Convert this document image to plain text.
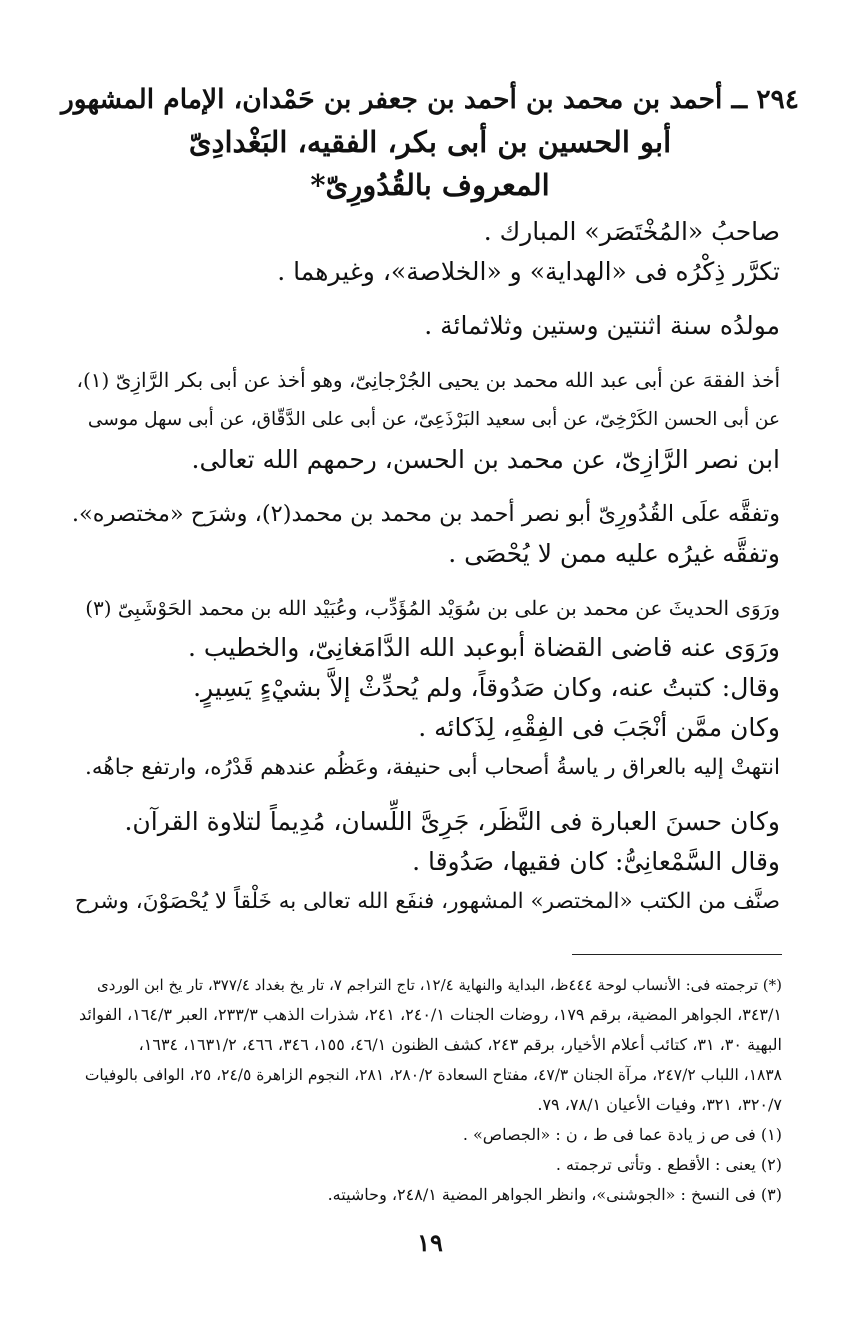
٢٩٤ ــ أحمد بن محمد بن أحمد بن جعفر بن حَمْدان، الإمام المشهور
أبو الحسين بن أبى بكر، الفقيه، البَغْدادِىّ
المعروف بالقُدُورِىّ*
صاحبُ «المُخْتَصَر» المبارك .
تكرَّر ذِكْرُه فى «الهداية» و «الخلاصة»، وغيرهما .
مولدُه سنة اثنتين وستين وثلاثمائة .
أخذ الفقهَ عن أبى عبد الله محمد بن يحيى الجُرْجانِىّ، وهو أخذ عن أبى بكر الرَّازِىّ (١)،
عن أبى الحسن الكَرْخِىّ، عن أبى سعيد البَرْذَعِىّ، عن أبى على الدَّقّاق، عن أبى سهل موسى
ابن نصر الرَّازِىّ، عن محمد بن الحسن، رحمهم الله تعالى.
وتفقَّه علَى القُدُورِىّ أبو نصر أحمد بن محمد بن محمد(٢)، وشرَح «مختصره».
وتفقَّه غيرُه عليه ممن لا يُحْصَى .
ورَوَى الحديثَ عن محمد بن على بن سُوَيْد المُؤَدِّب، وعُبَيْد الله بن محمد الحَوْشَبِىّ (٣)
ورَوَى عنه قاضى القضاة أبوعبد الله الدَّامَغانِىّ، والخطيب .
وقال: كتبتُ عنه، وكان صَدُوقاً، ولم يُحدِّثْ إلاَّ بشيْءٍ يَسِيرٍ.
وكان ممَّن أنْجَبَ فى الفِقْهِ، لِذَكائه .
انتهتْ إليه بالعراق ر ياسةُ أصحاب أبى حنيفة، وعَظُم عندهم قَدْرُه، وارتفع جاهُه.
وكان حسنَ العبارة فى النَّظَر، جَرِىَّ اللِّسان، مُدِيماً لتلاوة القرآن.
وقال السَّمْعانِىُّ: كان فقيها، صَدُوقا .
صنَّف من الكتب «المختصر» المشهور، فنفَع الله تعالى به خَلْقاً لا يُحْصَوْنَ، وشرح
(*) ترجمته فى: الأنساب لوحة ٤٤٤ظ، البداية والنهاية ١٢/٤، تاج التراجم ٧، تار يخ بغداد ٣٧٧/٤، تار يخ ابن الوردى
٣٤٣/١، الجواهر المضية، برقم ١٧٩، روضات الجنات ٢٤٠/١، ٢٤١، شذرات الذهب ٢٣٣/٣، العبر ١٦٤/٣، الفوائد
البهية ٣٠، ٣١، كتائب أعلام الأخيار، برقم ٢٤٣، كشف الظنون ٤٦/١، ١٥٥، ٣٤٦، ٤٦٦، ١٦٣١/٢، ١٦٣٤،
١٨٣٨، اللباب ٢٤٧/٢، مرآة الجنان ٤٧/٣، مفتاح السعادة ٢٨٠/٢، ٢٨١، النجوم الزاهرة ٢٤/٥، ٢٥، الوافى بالوفيات
٣٢٠/٧، ٣٢١، وفيات الأعيان ٧٨/١، ٧٩.
(١) فى ص ز يادة عما فى ط ، ن : «الجصاص» .
(٢) يعنى : الأقطع . وتأتى ترجمته .
(٣) فى النسخ : «الجوشنى»، وانظر الجواهر المضية ٢٤٨/١، وحاشيته.
١٩
